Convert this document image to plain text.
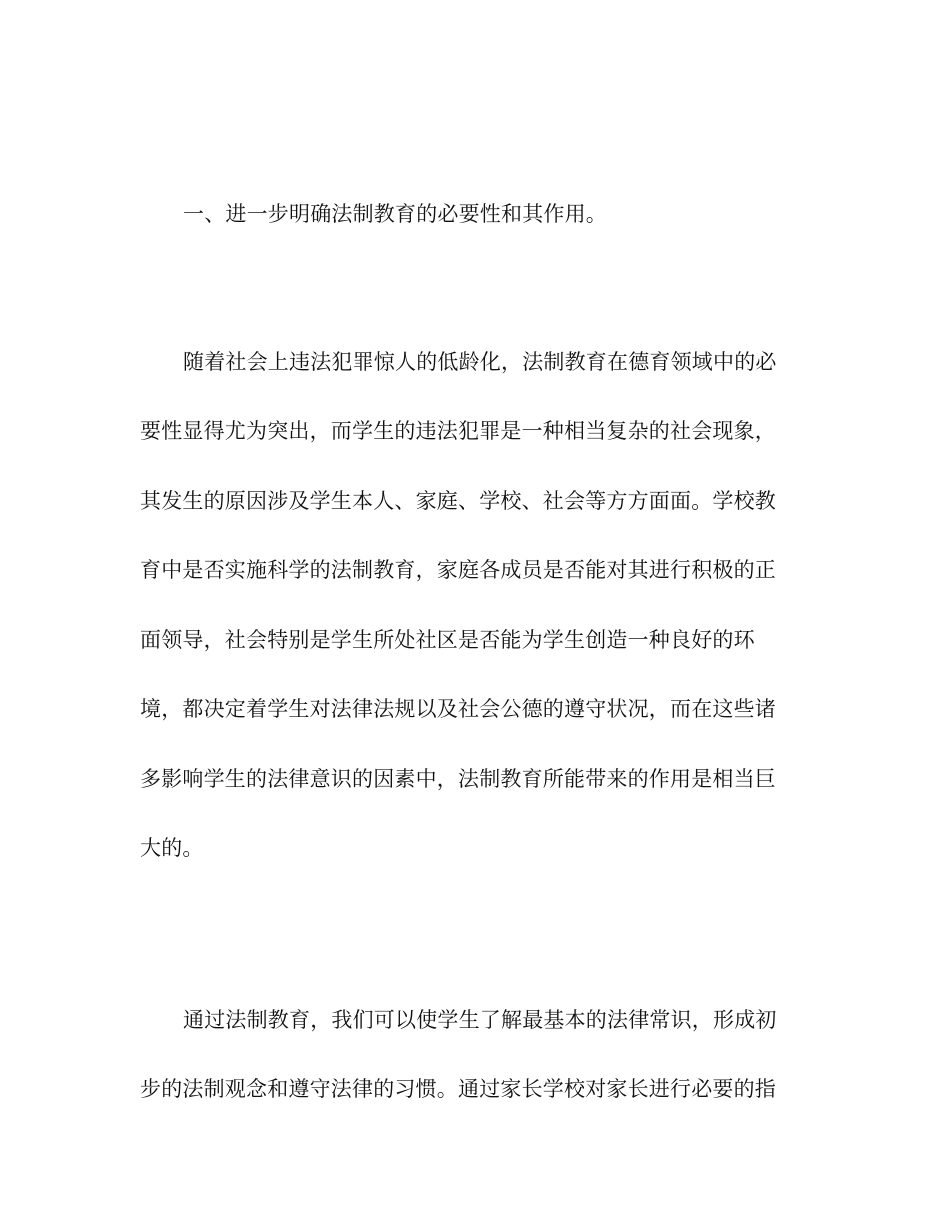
一、进一步明确法制教育的必要性和其作用。
随着社会上违法犯罪惊人的低龄化，法制教育在德育领域中的必
要性显得尤为突出，而学生的违法犯罪是一种相当复杂的社会现象，
其发生的原因涉及学生本人、家庭、学校、社会等方方面面。学校教
育中是否实施科学的法制教育，家庭各成员是否能对其进行积极的正
面领导，社会特别是学生所处社区是否能为学生创造一种良好的环
境，都决定着学生对法律法规以及社会公德的遵守状况，而在这些诸
多影响学生的法律意识的因素中，法制教育所能带来的作用是相当巨
大的。
通过法制教育，我们可以使学生了解最基本的法律常识，形成初
步的法制观念和遵守法律的习惯。通过家长学校对家长进行必要的指
